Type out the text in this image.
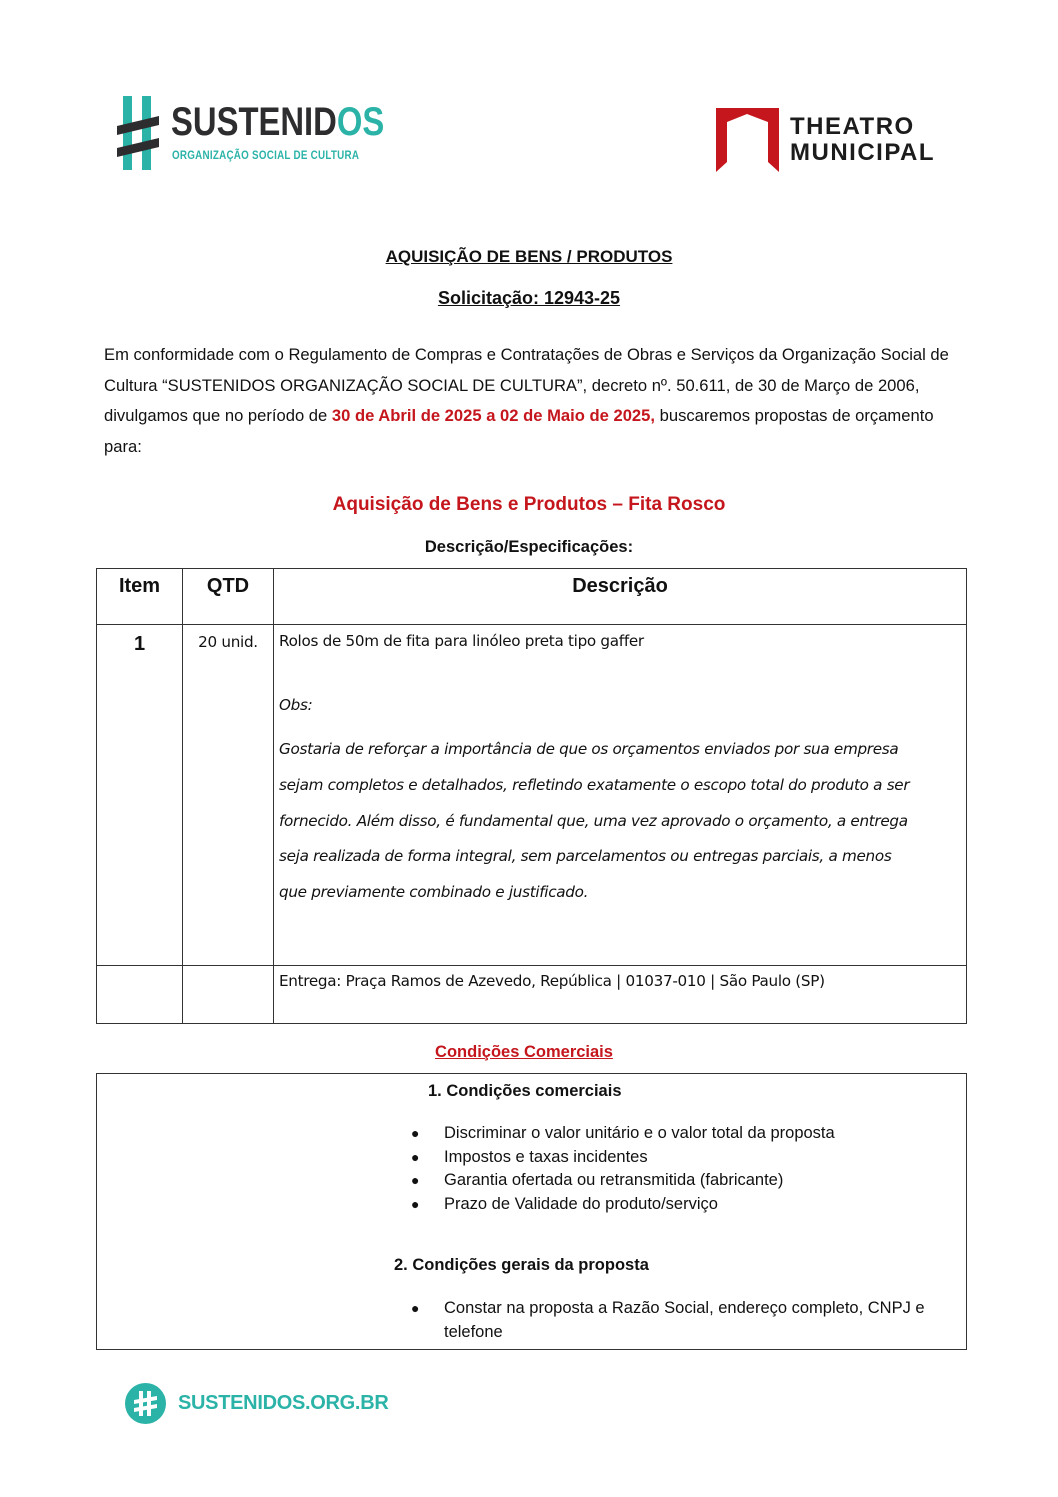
SUSTENIDOS
ORGANIZAÇÃO SOCIAL DE CULTURA
THEATRO
MUNICIPAL
AQUISIÇÃO DE BENS / PRODUTOS
Solicitação: 12943-25

Em conformidade com o Regulamento de Compras e Contratações de Obras e Serviços da Organização Social de Cultura “SUSTENIDOS ORGANIZAÇÃO SOCIAL DE CULTURA”, decreto nº. 50.611, de 30 de Março de 2006, divulgamos que no período de 30 de Abril de 2025 a 02 de Maio de 2025, buscaremos propostas de orçamento para:

Aquisição de Bens e Produtos – Fita Rosco
Descrição/Especificações:
Item	QTD	Descrição
1	20 unid.	Rolos de 50m de fita para linóleo preta tipo gaffer
Obs:
Gostaria de reforçar a importância de que os orçamentos enviados por sua empresa
sejam completos e detalhados, refletindo exatamente o escopo total do produto a ser
fornecido. Além disso, é fundamental que, uma vez aprovado o orçamento, a entrega
seja realizada de forma integral, sem parcelamentos ou entregas parciais, a menos
que previamente combinado e justificado.

		Entrega: Praça Ramos de Azevedo, República | 01037-010 | São Paulo (SP)
Condições Comerciais
1. Condições comerciais
● Discriminar o valor unitário e o valor total da proposta
● Impostos e taxas incidentes
● Garantia ofertada ou retransmitida (fabricante)
● Prazo de Validade do produto/serviço
2. Condições gerais da proposta
● Constar na proposta a Razão Social, endereço completo, CNPJ e telefone
SUSTENIDOS.ORG.BR
